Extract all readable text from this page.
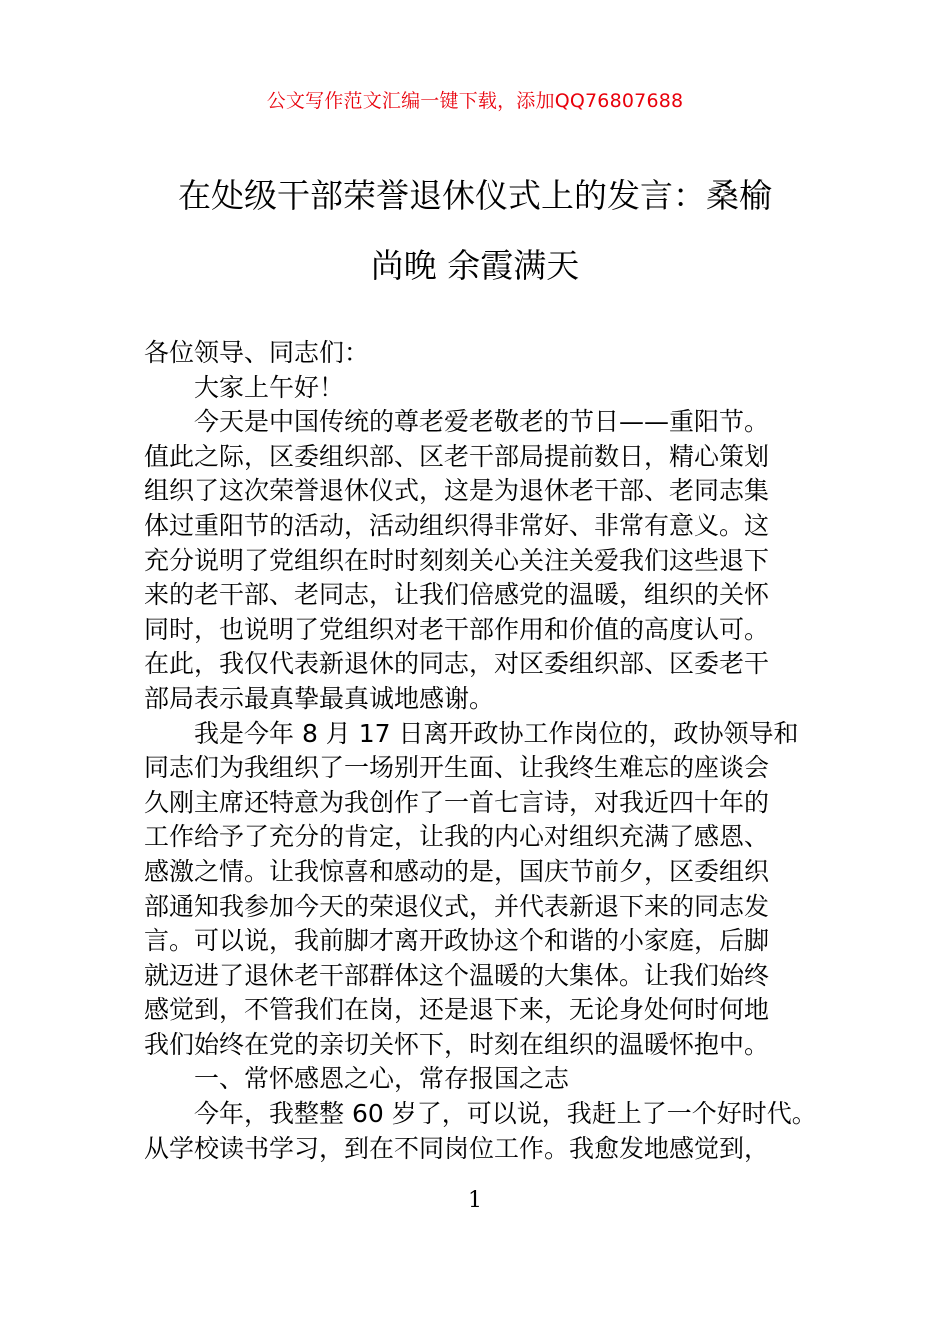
公文写作范文汇编一键下载，添加QQ76807688
在处级干部荣誉退休仪式上的发言：桑榆
尚晚 余霞满天
各位领导、同志们：
大家上午好！
今天是中国传统的尊老爱老敬老的节日——重阳节。
值此之际，区委组织部、区老干部局提前数日，精心策划
组织了这次荣誉退休仪式，这是为退休老干部、老同志集
体过重阳节的活动，活动组织得非常好、非常有意义。这
充分说明了党组织在时时刻刻关心关注关爱我们这些退下
来的老干部、老同志，让我们倍感党的温暖，组织的关怀
同时，也说明了党组织对老干部作用和价值的高度认可。
在此，我仅代表新退休的同志，对区委组织部、区委老干
部局表示最真挚最真诚地感谢。
我是今年 8 月 17 日离开政协工作岗位的，政协领导和
同志们为我组织了一场别开生面、让我终生难忘的座谈会
久刚主席还特意为我创作了一首七言诗，对我近四十年的
工作给予了充分的肯定，让我的内心对组织充满了感恩、
感激之情。让我惊喜和感动的是，国庆节前夕，区委组织
部通知我参加今天的荣退仪式，并代表新退下来的同志发
言。可以说，我前脚才离开政协这个和谐的小家庭，后脚
就迈进了退休老干部群体这个温暖的大集体。让我们始终
感觉到，不管我们在岗，还是退下来，无论身处何时何地
我们始终在党的亲切关怀下，时刻在组织的温暖怀抱中。
一、常怀感恩之心，常存报国之志
今年，我整整 60 岁了，可以说，我赶上了一个好时代。
从学校读书学习，到在不同岗位工作。我愈发地感觉到，
1
